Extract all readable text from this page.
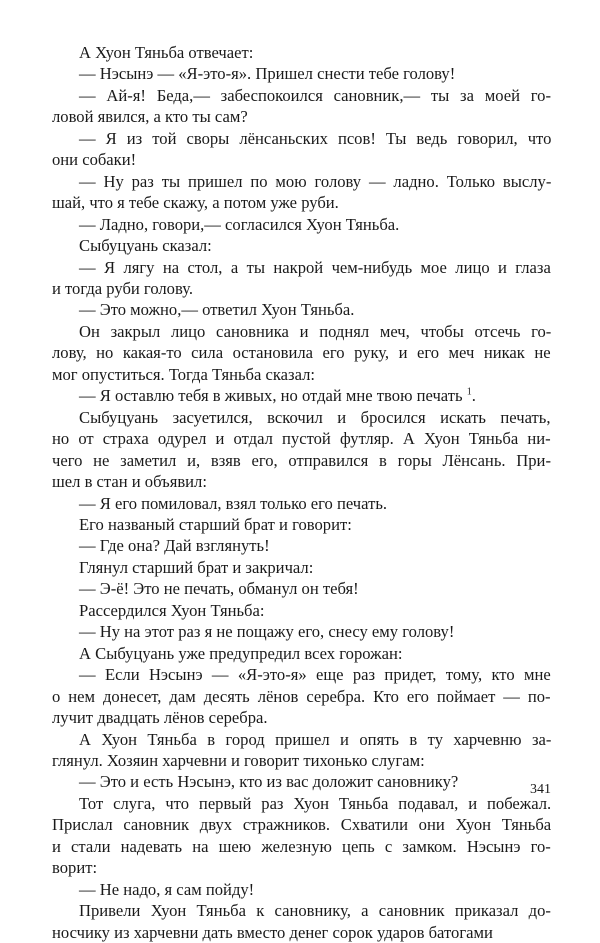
А Хуон Тяньба отвечает:
— Нэсынэ — «Я-это-я». Пришел снести тебе голову!
— Ай-я! Беда,— забеспокоился сановник,— ты за моей го-
ловой явился, а кто ты сам?
— Я из той своры лёнсаньских псов! Ты ведь говорил, что
они собаки!
— Ну раз ты пришел по мою голову — ладно. Только выслу-
шай, что я тебе скажу, а потом уже руби.
— Ладно, говори,— согласился Хуон Тяньба.
Сыбуцуань сказал:
— Я лягу на стол, а ты накрой чем-нибудь мое лицо и глаза
и тогда руби голову.
— Это можно,— ответил Хуон Тяньба.
Он закрыл лицо сановника и поднял меч, чтобы отсечь го-
лову, но какая-то сила остановила его руку, и его меч никак не
мог опуститься. Тогда Тяньба сказал:
— Я оставлю тебя в живых, но отдай мне твою печать $^1$.
Сыбуцуань засуетился, вскочил и бросился искать печать,
но от страха одурел и отдал пустой футляр. А Хуон Тяньба ни-
чего не заметил и, взяв его, отправился в горы Лёнсань. При-
шел в стан и объявил:
— Я его помиловал, взял только его печать.
Его названый старший брат и говорит:
— Где она? Дай взглянуть!
Глянул старший брат и закричал:
— Э-ё! Это не печать, обманул он тебя!
Рассердился Хуон Тяньба:
— Ну на этот раз я не пощажу его, снесу ему голову!
А Сыбуцуань уже предупредил всех горожан:
— Если Нэсынэ — «Я-это-я» еще раз придет, тому, кто мне
о нем донесет, дам десять лёнов серебра. Кто его поймает — по-
лучит двадцать лёнов серебра.
А Хуон Тяньба в город пришел и опять в ту харчевню за-
глянул. Хозяин харчевни и говорит тихонько слугам:
— Это и есть Нэсынэ, кто из вас доложит сановнику?
Тот слуга, что первый раз Хуон Тяньба подавал, и побежал.
Прислал сановник двух стражников. Схватили они Хуон Тяньба
и стали надевать на шею железную цепь с замком. Нэсынэ го-
ворит:
— Не надо, я сам пойду!
Привели Хуон Тяньба к сановнику, а сановник приказал до-
носчику из харчевни дать вместо денег сорок ударов батогами
341
